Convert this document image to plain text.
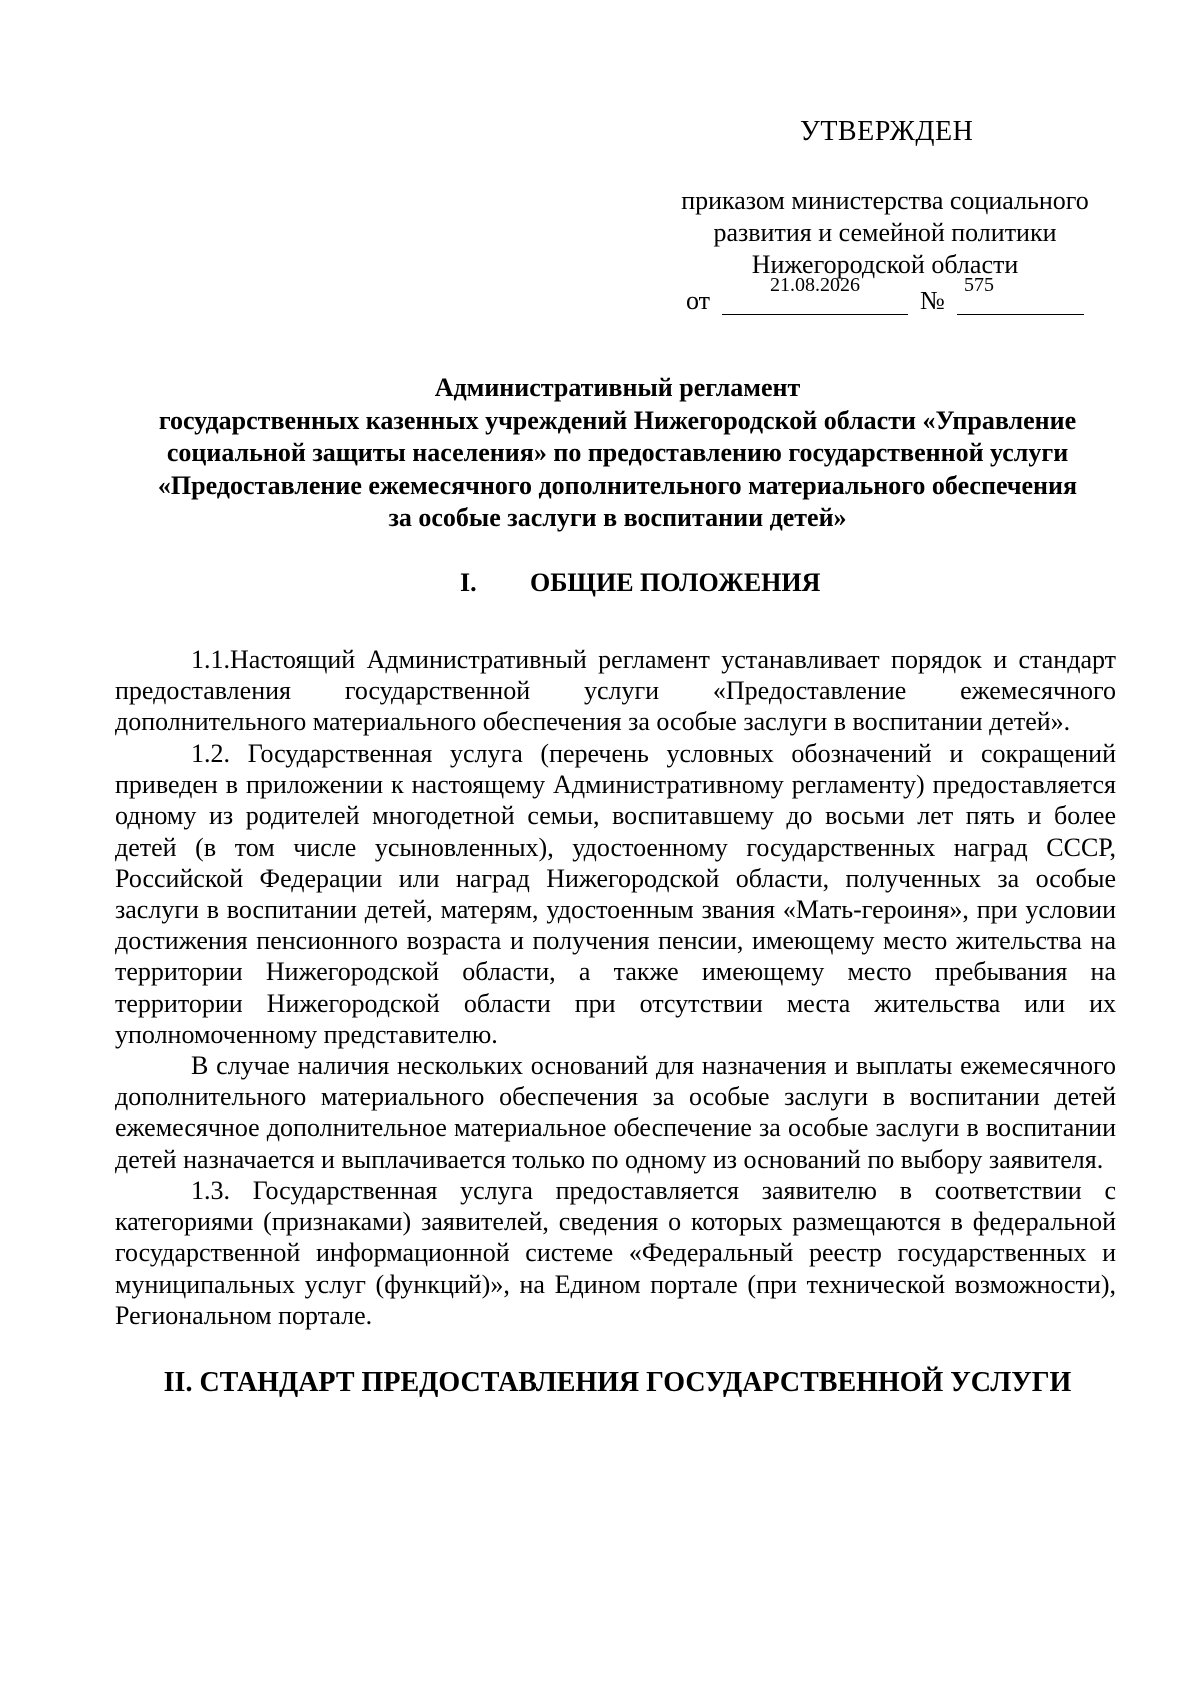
УТВЕРЖДЕН
приказом министерства социального
развития и семейной политики
Нижегородской области
от
21.08.2026
№
575
Административный регламент
государственных казенных учреждений Нижегородской области «Управление
социальной защиты населения» по предоставлению государственной услуги
«Предоставление ежемесячного дополнительного материального обеспечения
за особые заслуги в воспитании детей»
I. ОБЩИЕ ПОЛОЖЕНИЯ

1.1.Настоящий Административный регламент устанавливает порядок и стандарт предоставления государственной услуги «Предоставление ежемесячного дополнительного материального обеспечения за особые заслуги в воспитании детей».

1.2. Государственная услуга (перечень условных обозначений и сокращений приведен в приложении к настоящему Административному регламенту) предоставляется одному из родителей многодетной семьи, воспитавшему до восьми лет пять и более детей (в том числе усыновленных), удостоенному государственных наград СССР, Российской Федерации или наград Нижегородской области, полученных за особые заслуги в воспитании детей, матерям, удостоенным звания «Мать-героиня», при условии достижения пенсионного возраста и получения пенсии, имеющему место жительства на территории Нижегородской области, а также имеющему место пребывания на территории Нижегородской области при отсутствии места жительства или их уполномоченному представителю.

В случае наличия нескольких оснований для назначения и выплаты ежемесячного дополнительного материального обеспечения за особые заслуги в воспитании детей ежемесячное дополнительное материальное обеспечение за особые заслуги в воспитании детей назначается и выплачивается только по одному из оснований по выбору заявителя.

1.3. Государственная услуга предоставляется заявителю в соответствии с категориями (признаками) заявителей, сведения о которых размещаются в федеральной государственной информационной системе «Федеральный реестр государственных и муниципальных услуг (функций)», на Едином портале (при технической возможности), Региональном портале.

II. СТАНДАРТ ПРЕДОСТАВЛЕНИЯ ГОСУДАРСТВЕННОЙ УСЛУГИ
